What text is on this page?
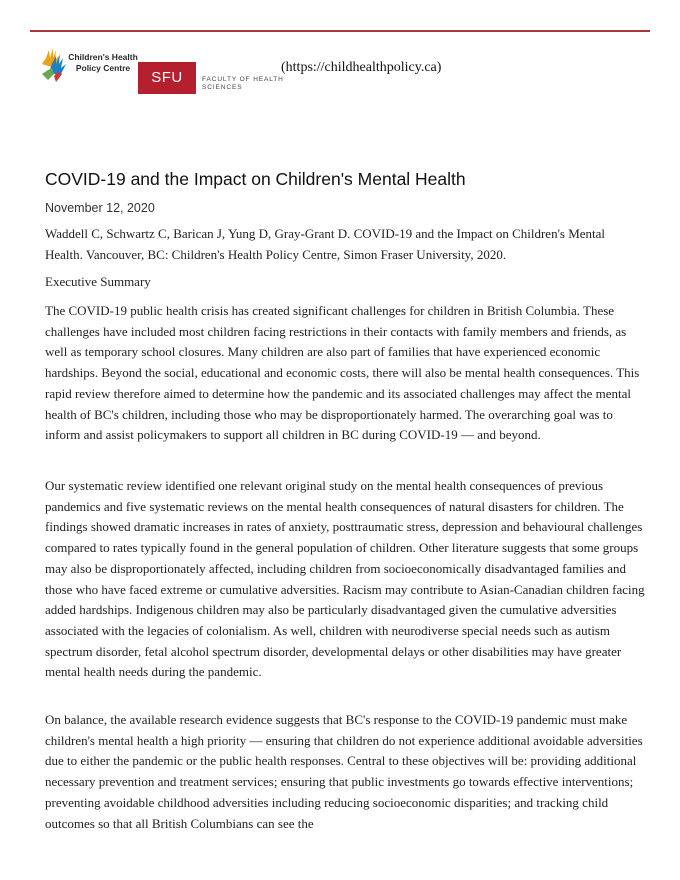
Children's Health Policy Centre
SFU	FACULTY OF HEALTH SCIENCES
(https://childhealthpolicy.ca)
COVID-19 and the Impact on Children's Mental Health
November 12, 2020
Waddell C, Schwartz C, Barican J, Yung D, Gray-Grant D. COVID-19 and the Impact on Children's Mental Health. Vancouver, BC: Children's Health Policy Centre, Simon Fraser University, 2020.
Executive Summary

The COVID-19 public health crisis has created significant challenges for children in British Columbia. These challenges have included most children facing restrictions in their contacts with family members and friends, as well as temporary school closures. Many children are also part of families that have experienced economic hardships. Beyond the social, educational and economic costs, there will also be mental health consequences. This rapid review therefore aimed to determine how the pandemic and its associated challenges may affect the mental health of BC's children, including those who may be disproportionately harmed. The overarching goal was to inform and assist policymakers to support all children in BC during COVID-19 — and beyond.

Our systematic review identified one relevant original study on the mental health consequences of previous pandemics and five systematic reviews on the mental health consequences of natural disasters for children. The findings showed dramatic increases in rates of anxiety, posttraumatic stress, depression and behavioural challenges compared to rates typically found in the general population of children. Other literature suggests that some groups may also be disproportionately affected, including children from socioeconomically disadvantaged families and those who have faced extreme or cumulative adversities. Racism may contribute to Asian-Canadian children facing added hardships. Indigenous children may also be particularly disadvantaged given the cumulative adversities associated with the legacies of colonialism. As well, children with neurodiverse special needs such as autism spectrum disorder, fetal alcohol spectrum disorder, developmental delays or other disabilities may have greater mental health needs during the pandemic.

On balance, the available research evidence suggests that BC's response to the COVID-19 pandemic must make children's mental health a high priority — ensuring that children do not experience additional avoidable adversities due to either the pandemic or the public health responses. Central to these objectives will be: providing additional necessary prevention and treatment services; ensuring that public investments go towards effective interventions; preventing avoidable childhood adversities including reducing socioeconomic disparities; and tracking child outcomes so that all British Columbians can see the
